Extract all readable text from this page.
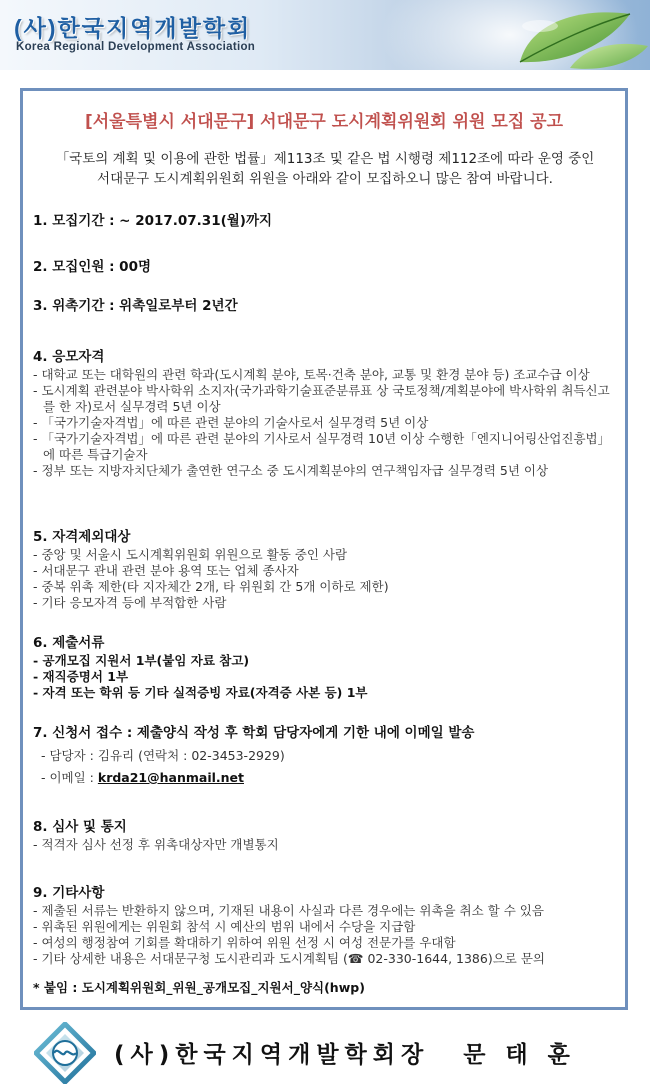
(사)한국지역개발학회
Korea Regional Development Association
[서울특별시 서대문구] 서대문구 도시계획위원회 위원 모집 공고
「국토의 계획 및 이용에 관한 법률」제113조 및 같은 법 시행령 제112조에 따라 운영 중인
서대문구 도시계획위원회 위원을 아래와 같이 모집하오니 많은 참여 바랍니다.
1. 모집기간 : ~ 2017.07.31(월)까지
2. 모집인원 : 00명
3. 위촉기간 : 위촉일로부터 2년간
4. 응모자격
- 대학교 또는 대학원의 관련 학과(도시계획 분야, 토목·건축 분야, 교통 및 환경 분야 등) 조교수급 이상
- 도시계획 관련분야 박사학위 소지자(국가과학기술표준분류표 상 국토정책/계획분야에 박사학위 취득신고를 한 자)로서 실무경력 5년 이상
- 「국가기술자격법」에 따른 관련 분야의 기술사로서 실무경력 5년 이상
- 「국가기술자격법」에 따른 관련 분야의 기사로서 실무경력 10년 이상 수행한「엔지니어링산업진흥법」에 따른 특급기술자
- 정부 또는 지방자치단체가 출연한 연구소 중 도시계획분야의 연구책임자급 실무경력 5년 이상
5. 자격제외대상
- 중앙 및 서울시 도시계획위원회 위원으로 활동 중인 사람
- 서대문구 관내 관련 분야 용역 또는 업체 종사자
- 중복 위촉 제한(타 지자체간 2개, 타 위원회 간 5개 이하로 제한)
- 기타 응모자격 등에 부적합한 사람
6. 제출서류
- 공개모집 지원서 1부(붙임 자료 참고)
- 재직증명서 1부
- 자격 또는 학위 등 기타 실적증빙 자료(자격증 사본 등) 1부
7. 신청서 접수 : 제출양식 작성 후 학회 담당자에게 기한 내에 이메일 발송
- 담당자 : 김유리 (연락처 : 02-3453-2929)
- 이메일 : krda21@hanmail.net
8. 심사 및 통지
- 적격자 심사 선정 후 위촉대상자만 개별통지
9. 기타사항
- 제출된 서류는 반환하지 않으며, 기재된 내용이 사실과 다른 경우에는 위촉을 취소 할 수 있음
- 위촉된 위원에게는 위원회 참석 시 예산의 범위 내에서 수당을 지급함
- 여성의 행정참여 기회를 확대하기 위하여 위원 선정 시 여성 전문가를 우대함
- 기타 상세한 내용은 서대문구청 도시관리과 도시계획팀 (☎ 02-330-1644, 1386)으로 문의
* 붙임 : 도시계획위원회_위원_공개모집_지원서_양식(hwp)
(사)한국지역개발학회장 문 태 훈
